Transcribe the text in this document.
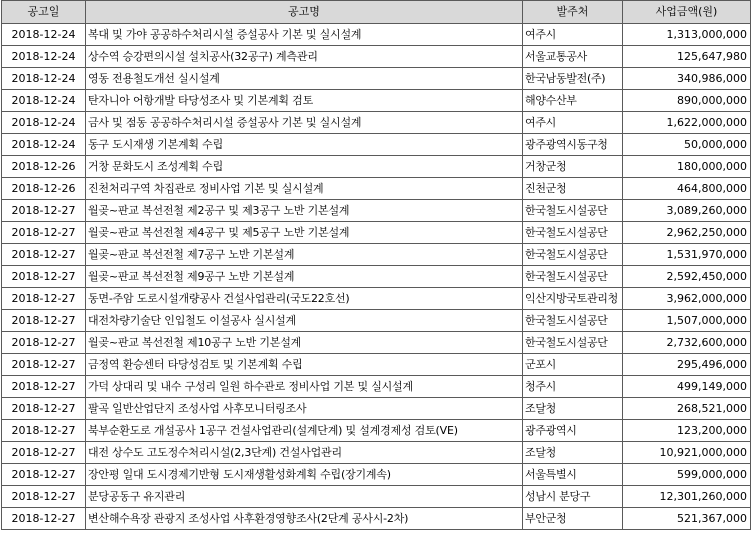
공고일	공고명	발주처	사업금액(원)
2018-12-24	복대 및 가야 공공하수처리시설 증설공사 기본 및 실시설계	여주시	1,313,000,000
2018-12-24	상수역 승강편의시설 설치공사(32공구) 계측관리	서울교통공사	125,647,980
2018-12-24	영동 전용철도개선 실시설계	한국남동발전(주)	340,986,000
2018-12-24	탄자니아 어항개발 타당성조사 및 기본계획 검토	해양수산부	890,000,000
2018-12-24	금사 및 점동 공공하수처리시설 증설공사 기본 및 실시설계	여주시	1,622,000,000
2018-12-24	동구 도시재생 기본계획 수립	광주광역시동구청	50,000,000
2018-12-26	거창 문화도시 조성계획 수립	거창군청	180,000,000
2018-12-26	진천처리구역 차집관로 정비사업 기본 및 실시설계	진천군청	464,800,000
2018-12-27	월곶~판교 복선전철 제2공구 및 제3공구 노반 기본설계	한국철도시설공단	3,089,260,000
2018-12-27	월곶~판교 복선전철 제4공구 및 제5공구 노반 기본설계	한국철도시설공단	2,962,250,000
2018-12-27	월곶~판교 복선전철 제7공구 노반 기본설계	한국철도시설공단	1,531,970,000
2018-12-27	월곶~판교 복선전철 제9공구 노반 기본설계	한국철도시설공단	2,592,450,000
2018-12-27	동면-주암 도로시설개량공사 건설사업관리(국도22호선)	익산지방국토관리청	3,962,000,000
2018-12-27	대전차량기술단 인입철도 이설공사 실시설계	한국철도시설공단	1,507,000,000
2018-12-27	월곶~판교 복선전철 제10공구 노반 기본설계	한국철도시설공단	2,732,600,000
2018-12-27	금정역 환승센터 타당성검토 및 기본계획 수립	군포시	295,496,000
2018-12-27	가덕 상대리 및 내수 구성리 일원 하수관로 정비사업 기본 및 실시설계	청주시	499,149,000
2018-12-27	팔곡 일반산업단지 조성사업 사후모니터링조사	조달청	268,521,000
2018-12-27	북부순환도로 개설공사 1공구 건설사업관리(설계단계) 및 설계경제성 검토(VE)	광주광역시	123,200,000
2018-12-27	대전 상수도 고도정수처리시설(2,3단계) 건설사업관리	조달청	10,921,000,000
2018-12-27	장안평 일대 도시경제기반형 도시재생활성화계획 수립(장기계속)	서울특별시	599,000,000
2018-12-27	분당공동구 유지관리	성남시 분당구	12,301,260,000
2018-12-27	변산해수욕장 관광지 조성사업 사후환경영향조사(2단계 공사시-2차)	부안군청	521,367,000
